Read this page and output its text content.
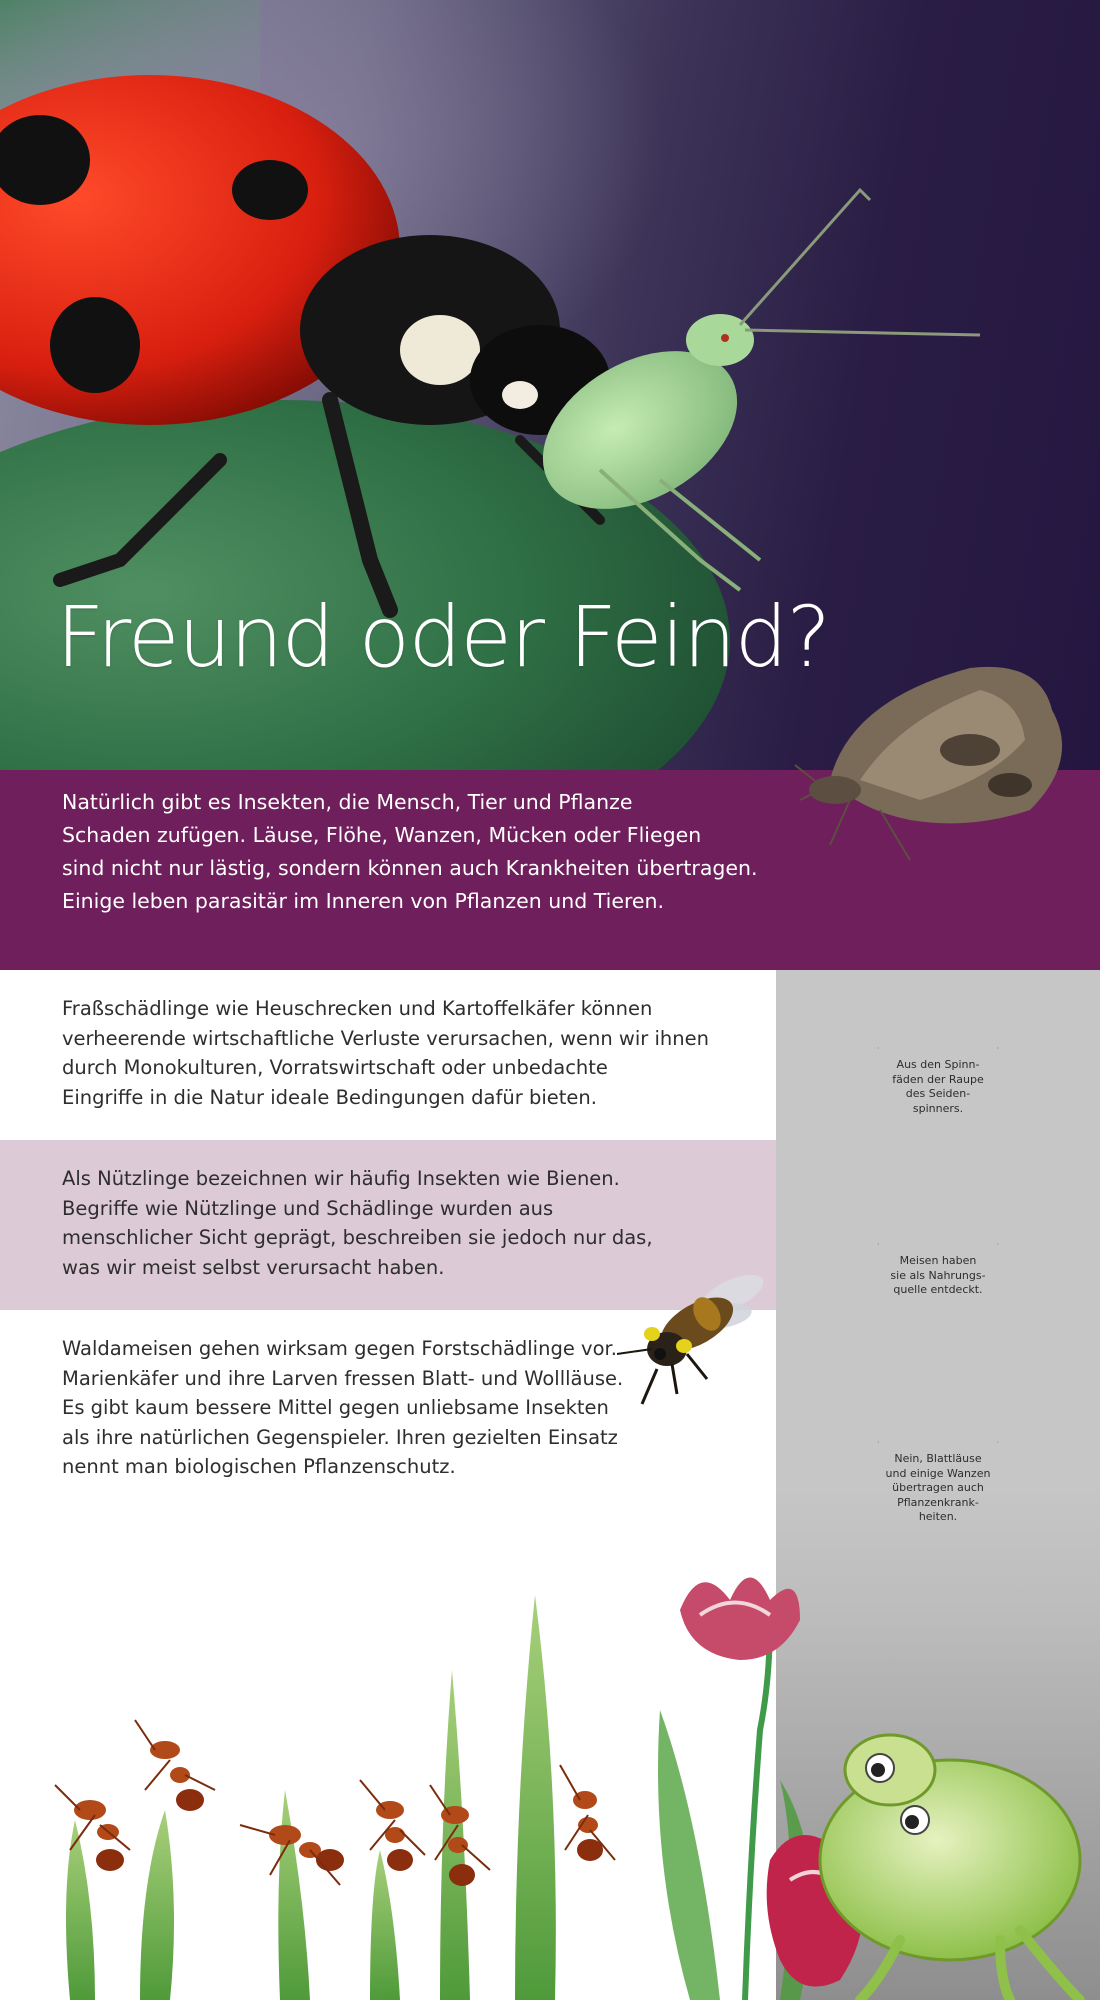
Freund oder Feind?
Natürlich gibt es Insekten, die Mensch, Tier und Pflanze
Schaden zufügen. Läuse, Flöhe, Wanzen, Mücken oder Fliegen
sind nicht nur lästig, sondern können auch Krankheiten übertragen.
Einige leben parasitär im Inneren von Pflanzen und Tieren.

Fraßschädlinge wie Heuschrecken und Kartoffelkäfer können
verheerende wirtschaftliche Verluste verursachen, wenn wir ihnen
durch Monokulturen, Vorratswirtschaft oder unbedachte
Eingriffe in die Natur ideale Bedingungen dafür bieten.

Als Nützlinge bezeichnen wir häufig Insekten wie Bienen.
Begriffe wie Nützlinge und Schädlinge wurden aus
menschlicher Sicht geprägt, beschreiben sie jedoch nur das,
was wir meist selbst verursacht haben.

Waldameisen gehen wirksam gegen Forstschädlinge vor.
Marienkäfer und ihre Larven fressen Blatt- und Wollläuse.
Es gibt kaum bessere Mittel gegen unliebsame Insekten
als ihre natürlichen Gegenspieler. Ihren gezielten Einsatz
nennt man biologischen Pflanzenschutz.

·	·
Aus den Spinn-
fäden der Raupe
des Seiden-
spinners.
·	·
Meisen haben
sie als Nahrungs-
quelle entdeckt.
·	·
Nein, Blattläuse
und einige Wanzen
übertragen auch
Pflanzenkrank-
heiten.
